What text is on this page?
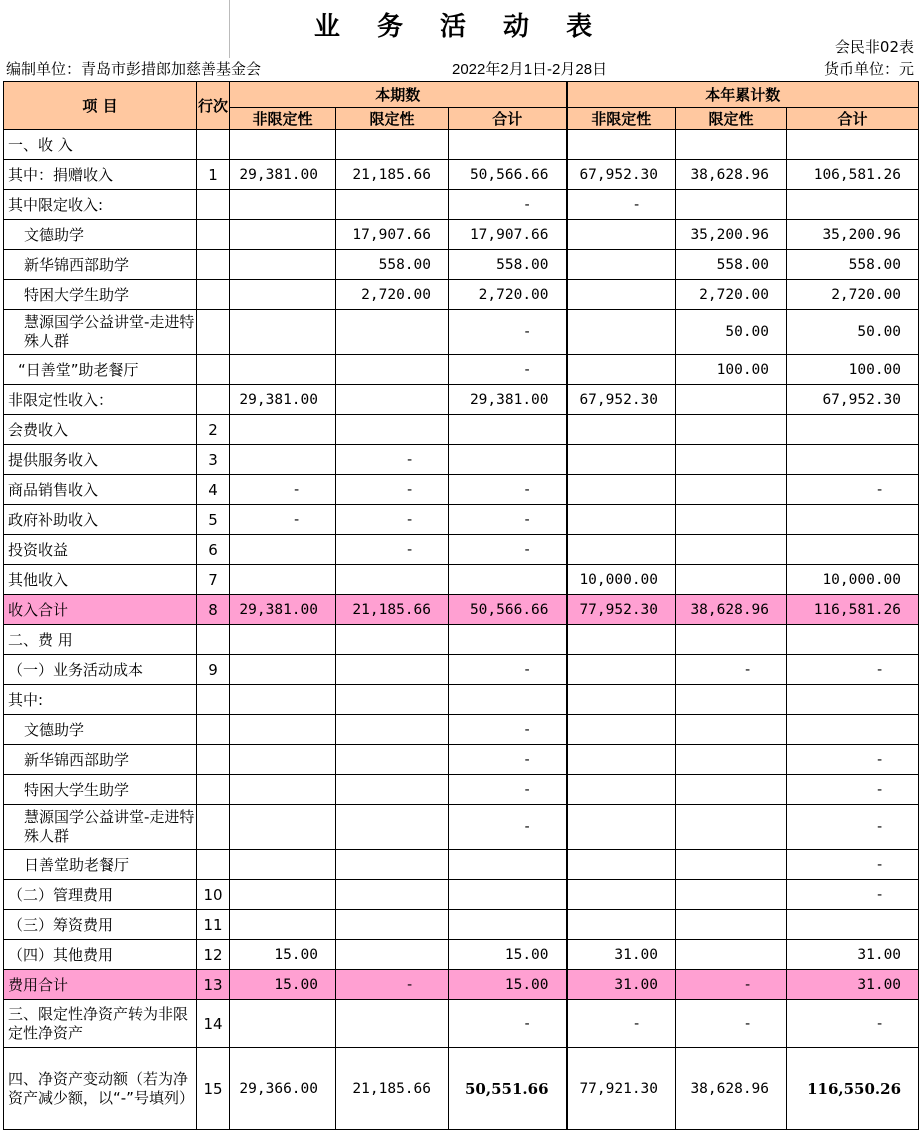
业 务 活 动 表
会民非02表
编制单位：青岛市彭措郎加慈善基金会	2022年2月1日-2月28日	货币单位：元
项 目	行次	本期数			本年累计数		
		非限定性	限定性	合计	非限定性	限定性	合计
一、收 入							
其中：捐赠收入	1	29,381.00	21,185.66	50,566.66	67,952.30	38,628.96	106,581.26
其中限定收入:				-	-		
文德助学			17,907.66	17,907.66		35,200.96	35,200.96
新华锦西部助学			558.00	558.00		558.00	558.00
特困大学生助学			2,720.00	2,720.00		2,720.00	2,720.00
慧源国学公益讲堂-走进特殊人群				-		50.00	50.00
“日善堂”助老餐厅				-		100.00	100.00
非限定性收入：		29,381.00		29,381.00	67,952.30		67,952.30
会费收入	2						
提供服务收入	3		-				
商品销售收入	4	-	-	-			-
政府补助收入	5	-	-	-			
投资收益	6		-	-			
其他收入	7				10,000.00		10,000.00
收入合计	8	29,381.00	21,185.66	50,566.66	77,952.30	38,628.96	116,581.26
二、费 用							
（一）业务活动成本	9			-		-	-
其中:							
文德助学				-			
新华锦西部助学				-			-
特困大学生助学				-			-
慧源国学公益讲堂-走进特殊人群				-			-
日善堂助老餐厅							-
（二）管理费用	10						-
（三）筹资费用	11						
（四）其他费用	12	15.00		15.00	31.00		31.00
费用合计	13	15.00	-	15.00	31.00	-	31.00
三、限定性净资产转为非限定性净资产	14			-	-	-	-
四、净资产变动额（若为净资产减少额，以“-”号填列）	15	29,366.00	21,185.66	50,551.66	77,921.30	38,628.96	116,550.26
